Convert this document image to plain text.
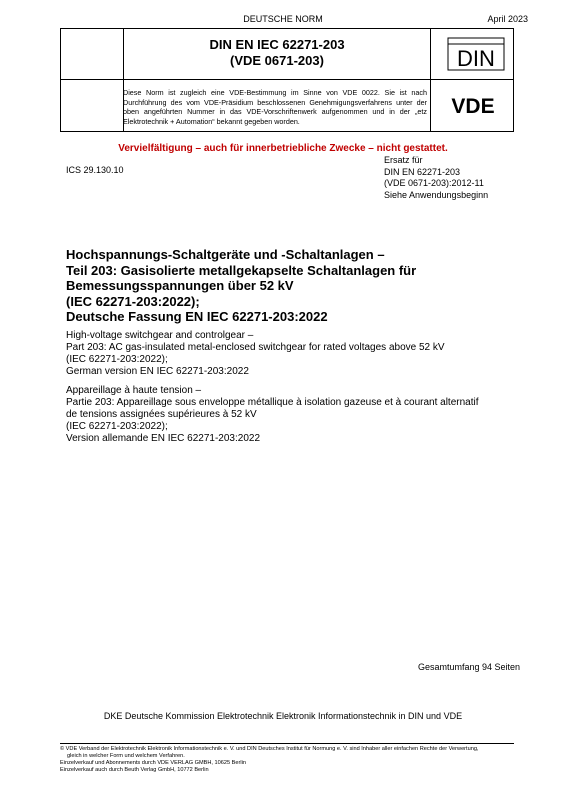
DEUTSCHE NORM	April 2023
DIN EN IEC 62271-203
(VDE 0671-203)	DIN
Diese Norm ist zugleich eine VDE-Bestimmung im Sinne von VDE 0022. Sie ist nach Durchführung des vom VDE-Präsidium beschlossenen Genehmigungsverfahrens unter der oben angeführten Nummer in das VDE-Vorschriftenwerk aufgenommen und in der „etz Elektrotechnik + Automation“ bekannt gegeben worden.
VDE
Vervielfältigung – auch für innerbetriebliche Zwecke – nicht gestattet.
ICS 29.130.10
Ersatz für
DIN EN 62271-203
(VDE 0671-203):2012-11
Siehe Anwendungsbeginn
Hochspannungs-Schaltgeräte und -Schaltanlagen –
Teil 203: Gasisolierte metallgekapselte Schaltanlagen für
Bemessungsspannungen über 52 kV
(IEC 62271-203:2022);
Deutsche Fassung EN IEC 62271-203:2022
High-voltage switchgear and controlgear –
Part 203: AC gas-insulated metal-enclosed switchgear for rated voltages above 52 kV
(IEC 62271-203:2022);
German version EN IEC 62271-203:2022
Appareillage à haute tension –
Partie 203: Appareillage sous enveloppe métallique à isolation gazeuse et à courant alternatif
de tensions assignées supérieures à 52 kV
(IEC 62271-203:2022);
Version allemande EN IEC 62271-203:2022
Gesamtumfang 94 Seiten
DKE Deutsche Kommission Elektrotechnik Elektronik Informationstechnik in DIN und VDE
© VDE Verband der Elektrotechnik Elektronik Informationstechnik e. V. und DIN Deutsches Institut für Normung e. V. sind Inhaber aller einfachen Rechte der Verwertung,
gleich in welcher Form und welchem Verfahren.
Einzelverkauf und Abonnements durch VDE VERLAG GMBH, 10625 Berlin
Einzelverkauf auch durch Beuth Verlag GmbH, 10772 Berlin
